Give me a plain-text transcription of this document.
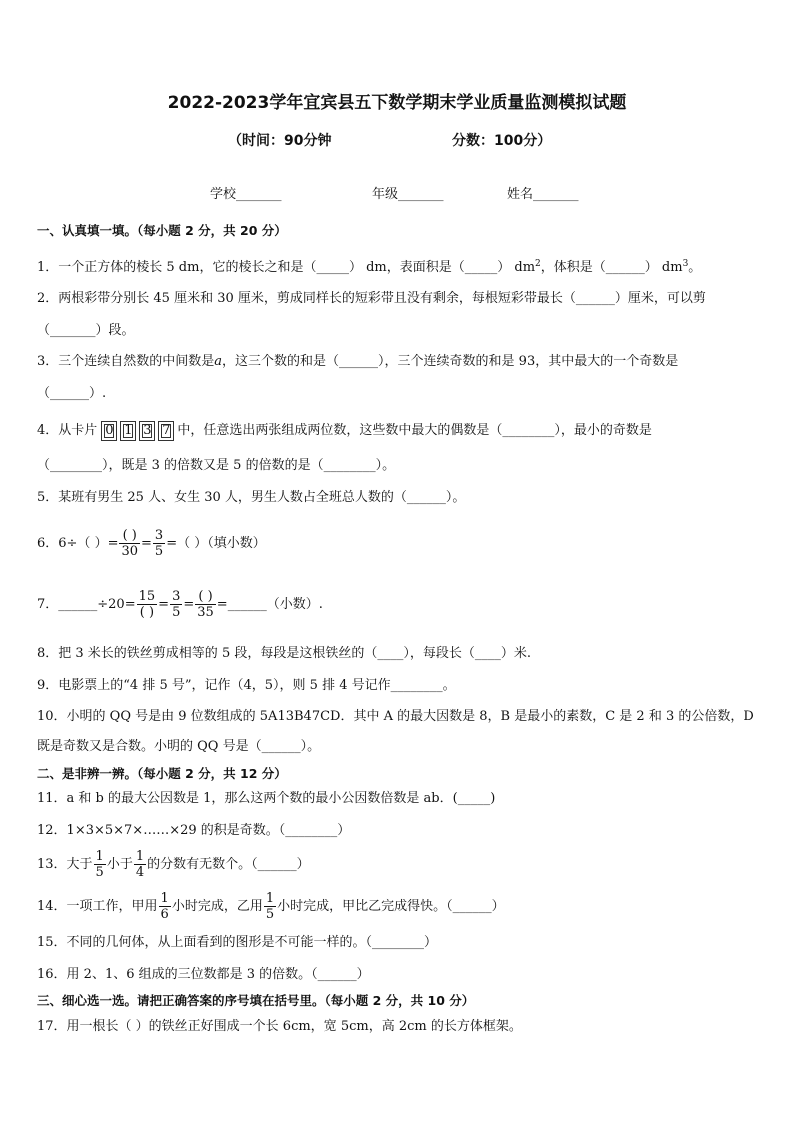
2022-2023学年宜宾县五下数学期末学业质量监测模拟试题
（时间：90分钟	分数：100分）
学校_______	年级_______	姓名_______
一、认真填一填。（每小题 2 分，共 20 分）
1．一个正方体的棱长 5 dm，它的棱长之和是（_____） dm，表面积是（_____） $dm^2$，体积是（______） $dm^3$。
2．两根彩带分别长 45 厘米和 30 厘米，剪成同样长的短彩带且没有剩余，每根短彩带最长（______）厘米，可以剪
（_______）段。
3．三个连续自然数的中间数是a，这三个数的和是（______），三个连续奇数的和是 93，其中最大的一个奇数是
（______）.
4．从卡片 0 1 3 7 中，任意选出两张组成两位数，这些数中最大的偶数是（________），最小的奇数是
（________），既是 3 的倍数又是 5 的倍数的是（________）。
5．某班有男生 25 人、女生 30 人，男生人数占全班总人数的（______）。
6．6÷（ ）= $\frac{( )}{30} = \frac{3}{5}$ =（ ）（填小数）
7．______÷20= $\frac{15}{( )} = \frac{3}{5} = \frac{( )}{35}$ =______（小数）.
8．把 3 米长的铁丝剪成相等的 5 段，每段是这根铁丝的（____），每段长（____）米.
9．电影票上的“4 排 5 号”，记作（4，5），则 5 排 4 号记作________。
10．小明的 QQ 号是由 9 位数组成的 5A13B47CD．其中 A 的最大因数是 8，B 是最小的素数，C 是 2 和 3 的公倍数，D
既是奇数又是合数。小明的 QQ 号是（______）。
二、是非辨一辨。（每小题 2 分，共 12 分）
11．a 和 b 的最大公因数是 1，那么这两个数的最小公因数倍数是 ab．(_____)
12．1×3×5×7×……×29 的积是奇数。（________）
13．大于 $\frac{1}{5}$ 小于 $\frac{1}{4}$ 的分数有无数个。（______）
14．一项工作，甲用 $\frac{1}{6}$ 小时完成，乙用 $\frac{1}{5}$ 小时完成，甲比乙完成得快。（______）
15．不同的几何体，从上面看到的图形是不可能一样的。（________）
16．用 2、1、6 组成的三位数都是 3 的倍数。（______）
三、细心选一选。请把正确答案的序号填在括号里。（每小题 2 分，共 10 分）
17．用一根长（ ）的铁丝正好围成一个长 6cm，宽 5cm，高 2cm 的长方体框架。
